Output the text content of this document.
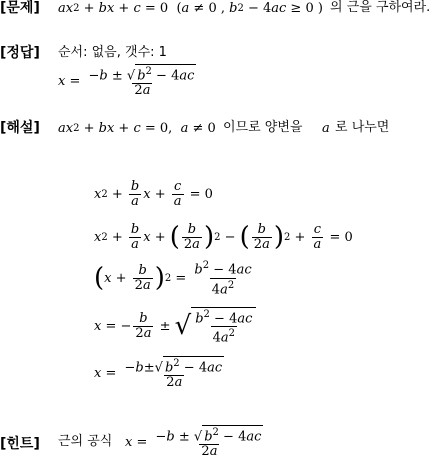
[문제] ax 2 + bx + c = 0 ( a ≠ 0 , b 2 − 4 ac ≥ 0 ) 의 근을 구하여라.
[정답] 순서: 없음, 갯수: 1
$x = \frac{-b \pm √ b^2 - 4ac}{2a}$
[해설] ax 2 + bx + c = 0, a ≠ 0 이므로 양변을 a 로 나누면
x $2 + \frac{b}{a}$ $x + \frac{c}{a} = 0$
x $2 + \frac{b}{a}$ x + ( $\frac{b}{2a}$ ) 2 − ( $\frac{b}{2a}$ ) $2 + \frac{c}{a} = 0$
( $x + \frac{b}{2a}$ ) $2 = \frac{b^2 - 4ac}{4a^2}$
x = − $\frac{b}{2a}$ ± √ $\frac{b^2 - 4ac}{4a^2}$
$x = \frac{-b\pm√ b^2 - 4ac}{2a}$
[힌트] 근의 공식 $x = \frac{-b \pm √ b^2 - 4ac}{2a}$
